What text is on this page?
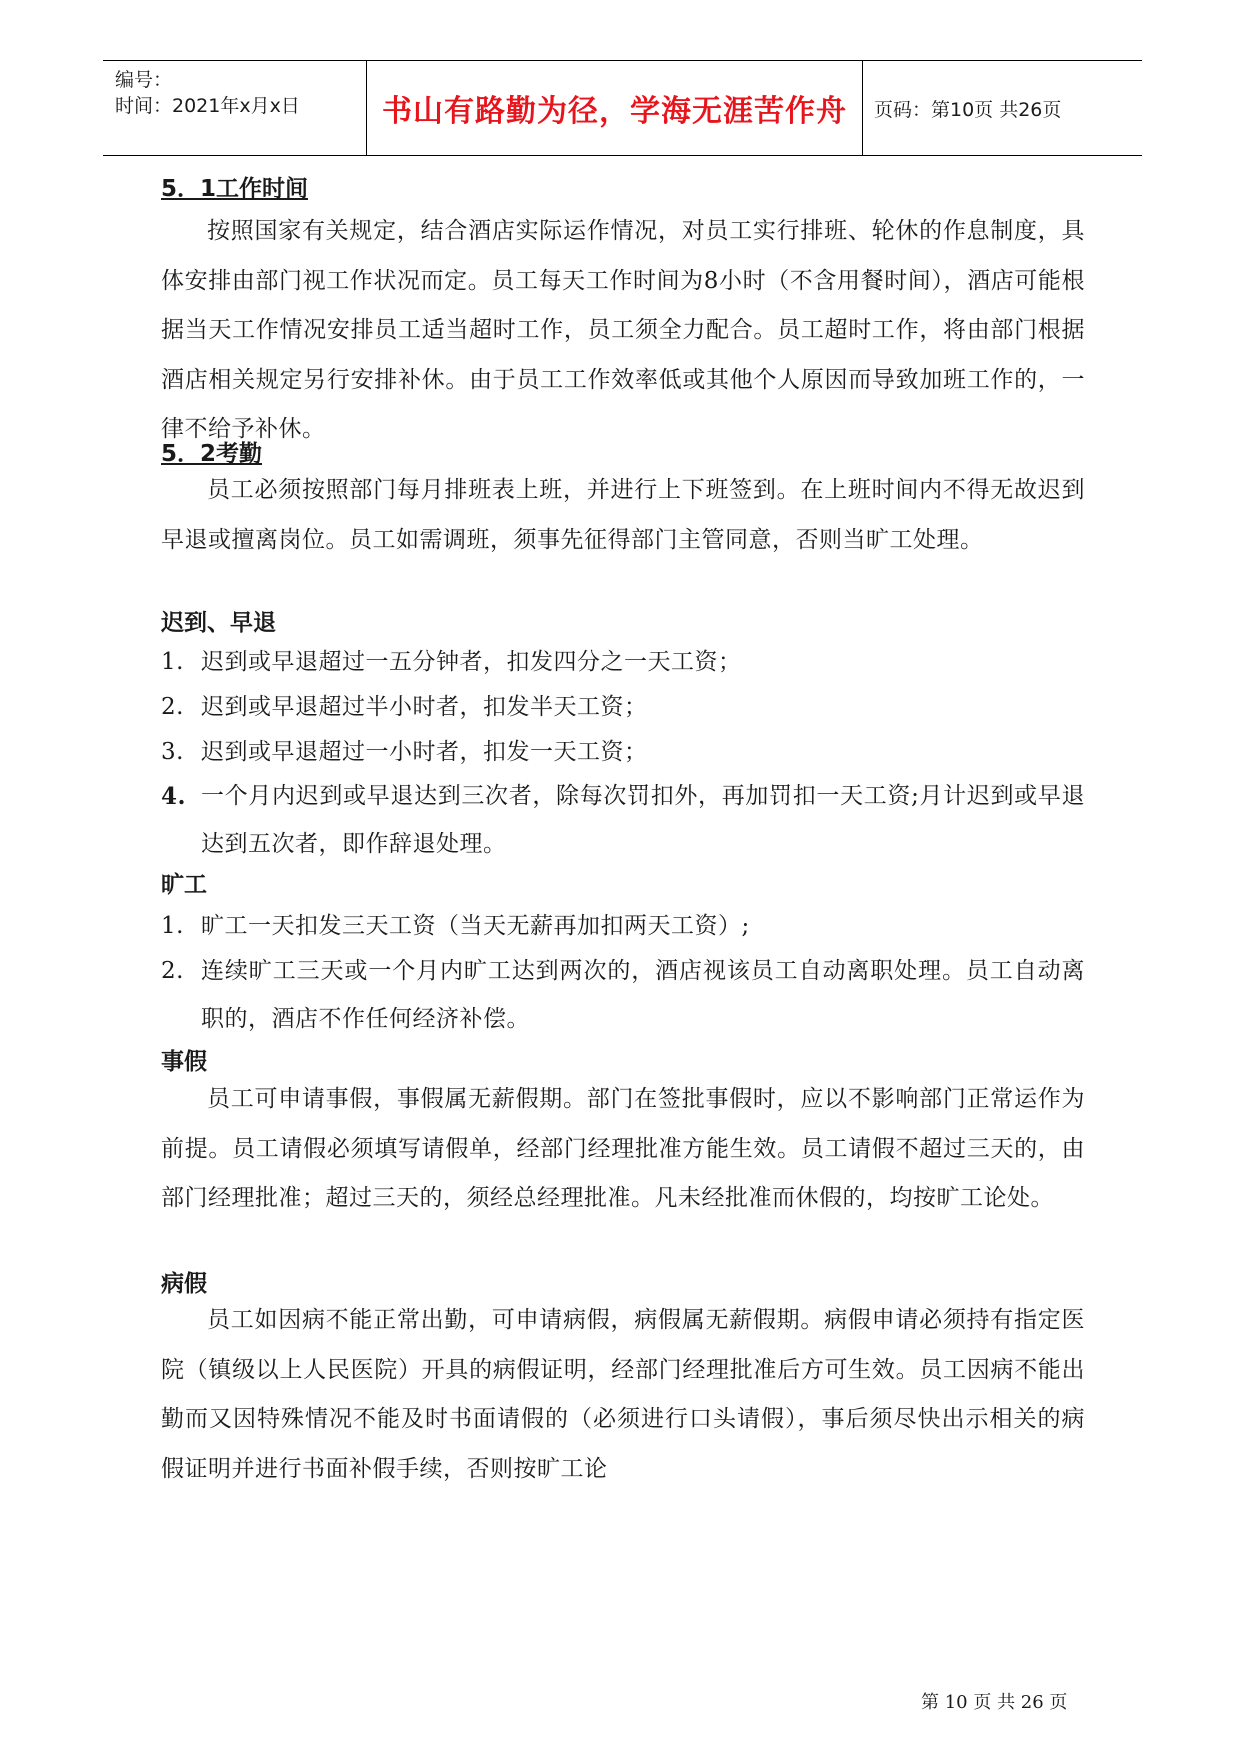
编号：
时间：2021年x月x日	书山有路勤为径，学海无涯苦作舟	页码：第10页 共26页
5．1工作时间
按照国家有关规定，结合酒店实际运作情况，对员工实行排班、轮休的作息制度，具体安排由部门视工作状况而定。员工每天工作时间为8小时（不含用餐时间），酒店可能根据当天工作情况安排员工适当超时工作，员工须全力配合。员工超时工作，将由部门根据酒店相关规定另行安排补休。由于员工工作效率低或其他个人原因而导致加班工作的，一律不给予补休。
5．2考勤
员工必须按照部门每月排班表上班，并进行上下班签到。在上班时间内不得无故迟到早退或擅离岗位。员工如需调班，须事先征得部门主管同意，否则当旷工处理。
迟到、早退
1. 迟到或早退超过一五分钟者，扣发四分之一天工资；
2. 迟到或早退超过半小时者，扣发半天工资；
3. 迟到或早退超过一小时者，扣发一天工资；
4. 一个月内迟到或早退达到三次者，除每次罚扣外，再加罚扣一天工资;月计迟到或早退达到五次者，即作辞退处理。
旷工
1. 旷工一天扣发三天工资（当天无薪再加扣两天工资）;
2. 连续旷工三天或一个月内旷工达到两次的，酒店视该员工自动离职处理。员工自动离职的，酒店不作任何经济补偿。
事假
员工可申请事假，事假属无薪假期。部门在签批事假时，应以不影响部门正常运作为前提。员工请假必须填写请假单，经部门经理批准方能生效。员工请假不超过三天的，由部门经理批准；超过三天的，须经总经理批准。凡未经批准而休假的，均按旷工论处。
病假
员工如因病不能正常出勤，可申请病假，病假属无薪假期。病假申请必须持有指定医院（镇级以上人民医院）开具的病假证明，经部门经理批准后方可生效。员工因病不能出勤而又因特殊情况不能及时书面请假的（必须进行口头请假），事后须尽快出示相关的病假证明并进行书面补假手续，否则按旷工论
第 10 页 共 26 页
